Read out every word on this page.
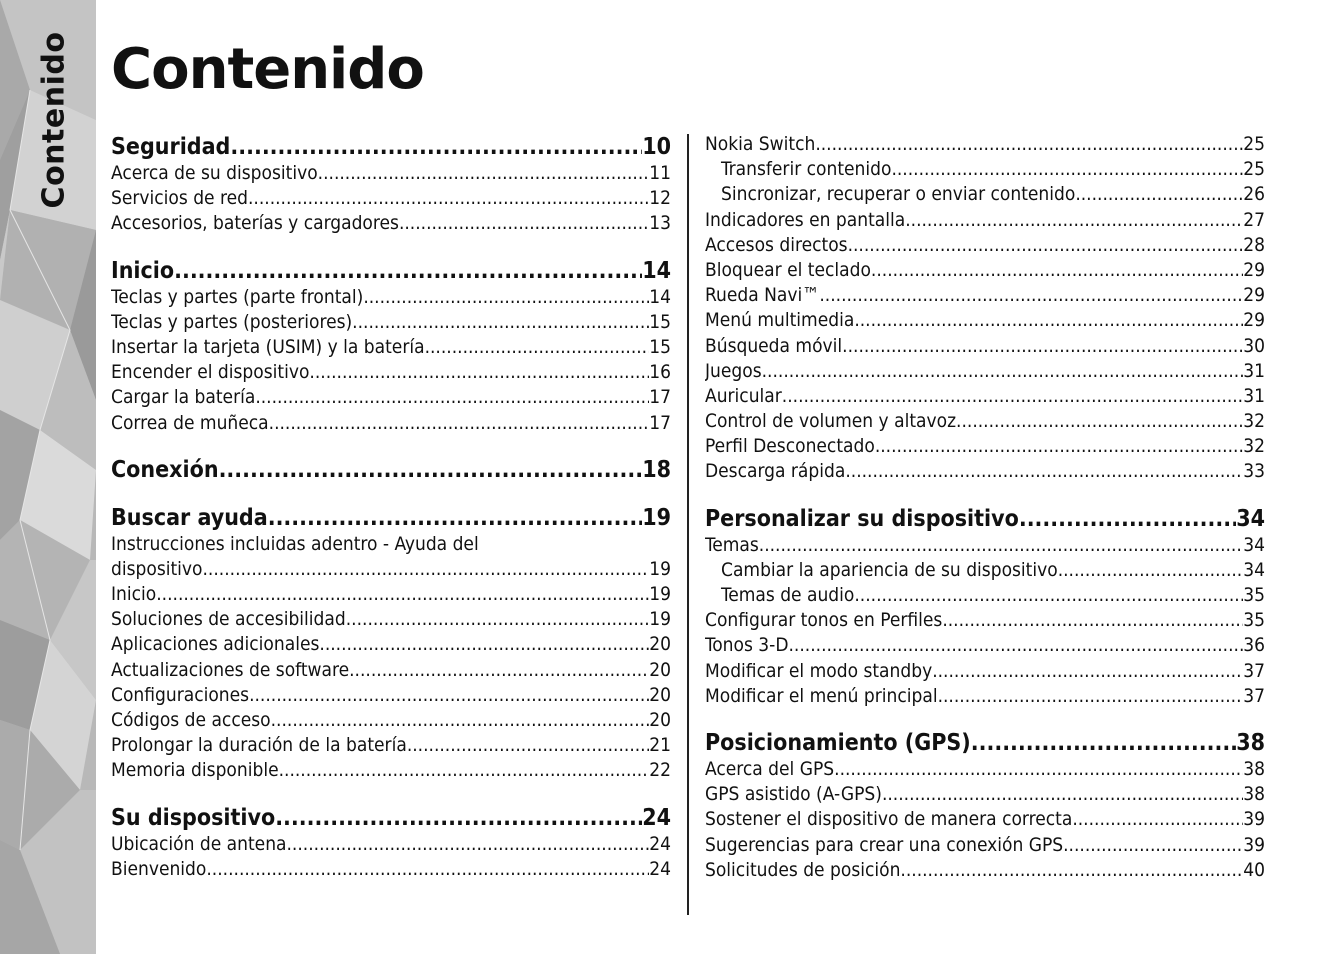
Contenido Contenido
Seguridad .....	10
Acerca de su dispositivo .....	11
Servicios de red .....	12
Accesorios, baterías y cargadores .....	13
Inicio .....	14
Teclas y partes (parte frontal) .....	14
Teclas y partes (posteriores) .....	15
Insertar la tarjeta (USIM) y la batería .....	15
Encender el dispositivo .....	16
Cargar la batería .....	17
Correa de muñeca .....	17
Conexión .....	18
Buscar ayuda .....	19
Instrucciones incluidas adentro - Ayuda del
dispositivo .....	19
Inicio .....	19
Soluciones de accesibilidad .....	19
Aplicaciones adicionales .....	20
Actualizaciones de software .....	20
Configuraciones .....	20
Códigos de acceso .....	20
Prolongar la duración de la batería .....	21
Memoria disponible .....	22
Su dispositivo .....	24
Ubicación de antena .....	24
Bienvenido .....	24
Nokia Switch .....	25
Transferir contenido .....	25
Sincronizar, recuperar o enviar contenido .....	26
Indicadores en pantalla .....	27
Accesos directos .....	28
Bloquear el teclado .....	29
Rueda Navi™ .....	29
Menú multimedia .....	29
Búsqueda móvil .....	30
Juegos .....	31
Auricular .....	31
Control de volumen y altavoz .....	32
Perfil Desconectado .....	32
Descarga rápida .....	33
Personalizar su dispositivo .....	34
Temas .....	34
Cambiar la apariencia de su dispositivo .....	34
Temas de audio .....	35
Configurar tonos en Perfiles .....	35
Tonos 3-D .....	36
Modificar el modo standby .....	37
Modificar el menú principal .....	37
Posicionamiento (GPS) .....	38
Acerca del GPS .....	38
GPS asistido (A-GPS) .....	38
Sostener el dispositivo de manera correcta .....	39
Sugerencias para crear una conexión GPS .....	39
Solicitudes de posición .....	40
